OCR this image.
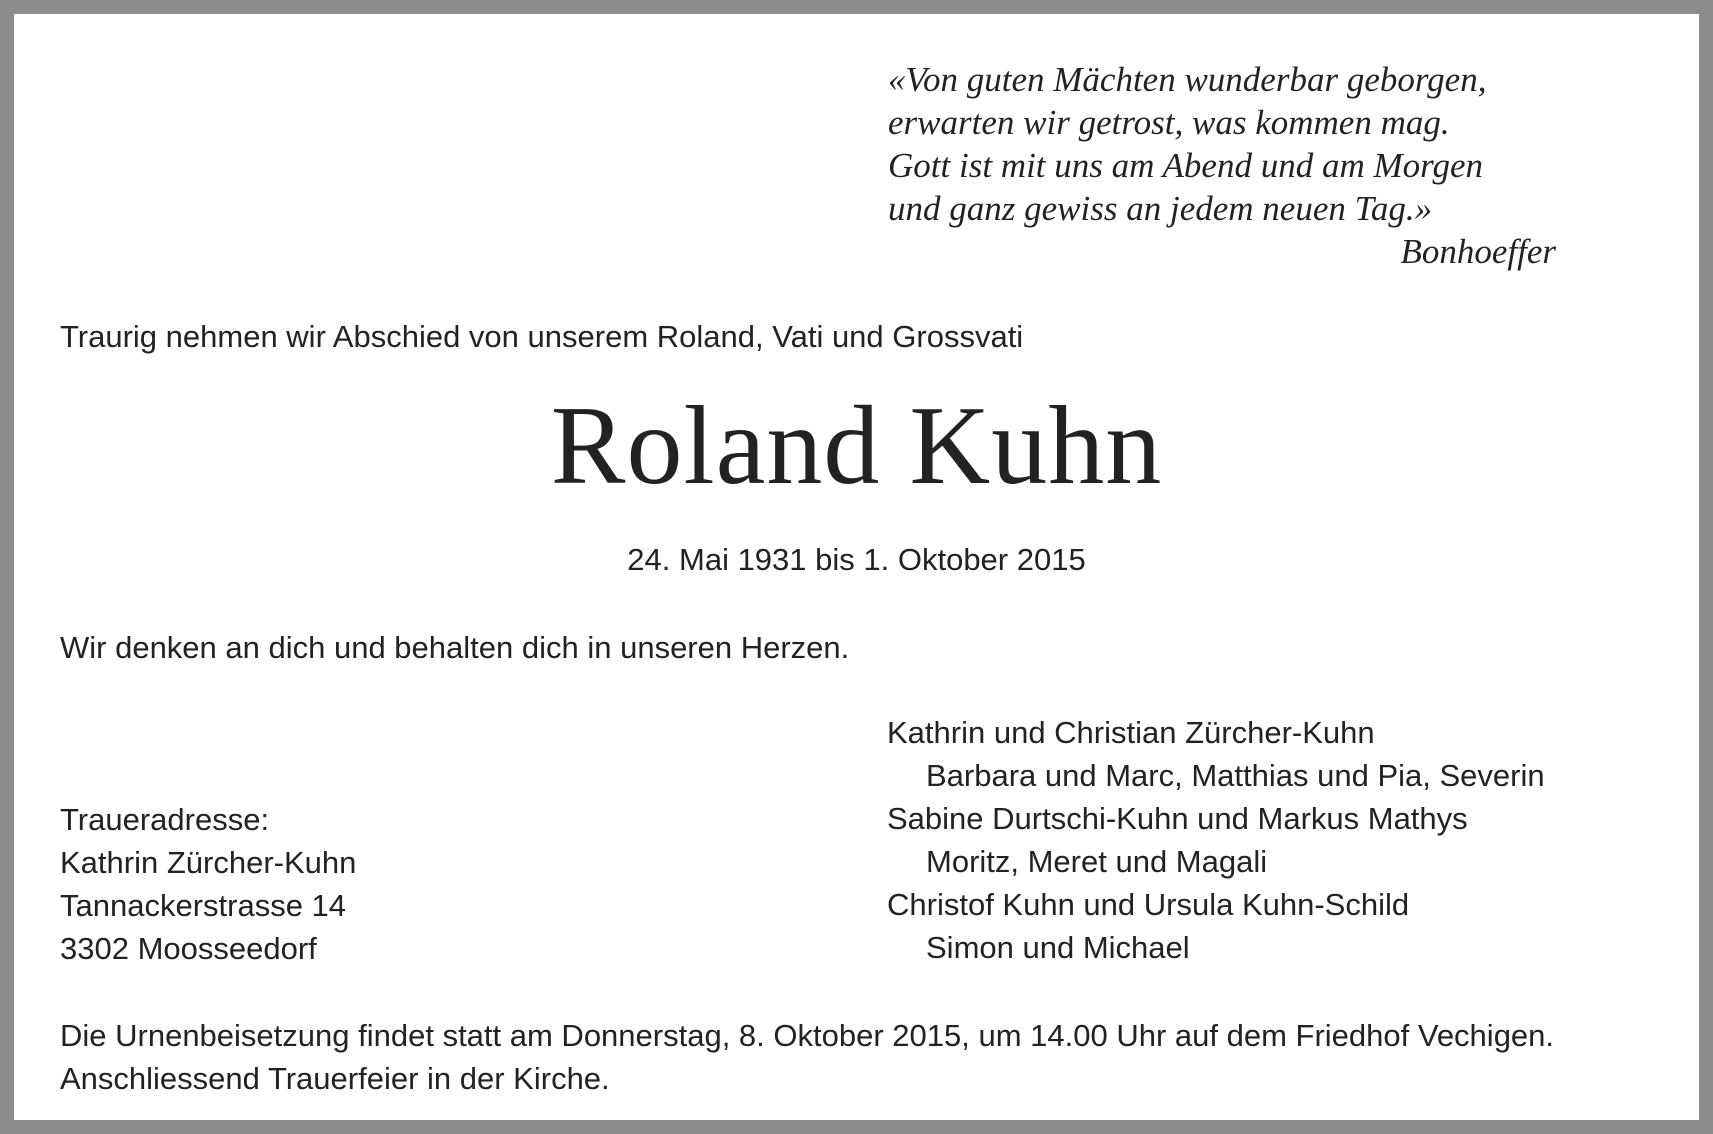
«Von guten Mächten wunderbar geborgen,
erwarten wir getrost, was kommen mag.
Gott ist mit uns am Abend und am Morgen
und ganz gewiss an jedem neuen Tag.»
Bonhoeffer
Traurig nehmen wir Abschied von unserem Roland, Vati und Grossvati
Roland Kuhn
24. Mai 1931 bis 1. Oktober 2015
Wir denken an dich und behalten dich in unseren Herzen.
Kathrin und Christian Zürcher-Kuhn
Barbara und Marc, Matthias und Pia, Severin
Sabine Durtschi-Kuhn und Markus Mathys
Moritz, Meret und Magali
Christof Kuhn und Ursula Kuhn-Schild
Simon und Michael
Traueradresse:
Kathrin Zürcher-Kuhn
Tannackerstrasse 14
3302 Moosseedorf
Die Urnenbeisetzung findet statt am Donnerstag, 8. Oktober 2015, um 14.00 Uhr auf dem Friedhof Vechigen.
Anschliessend Trauerfeier in der Kirche.
